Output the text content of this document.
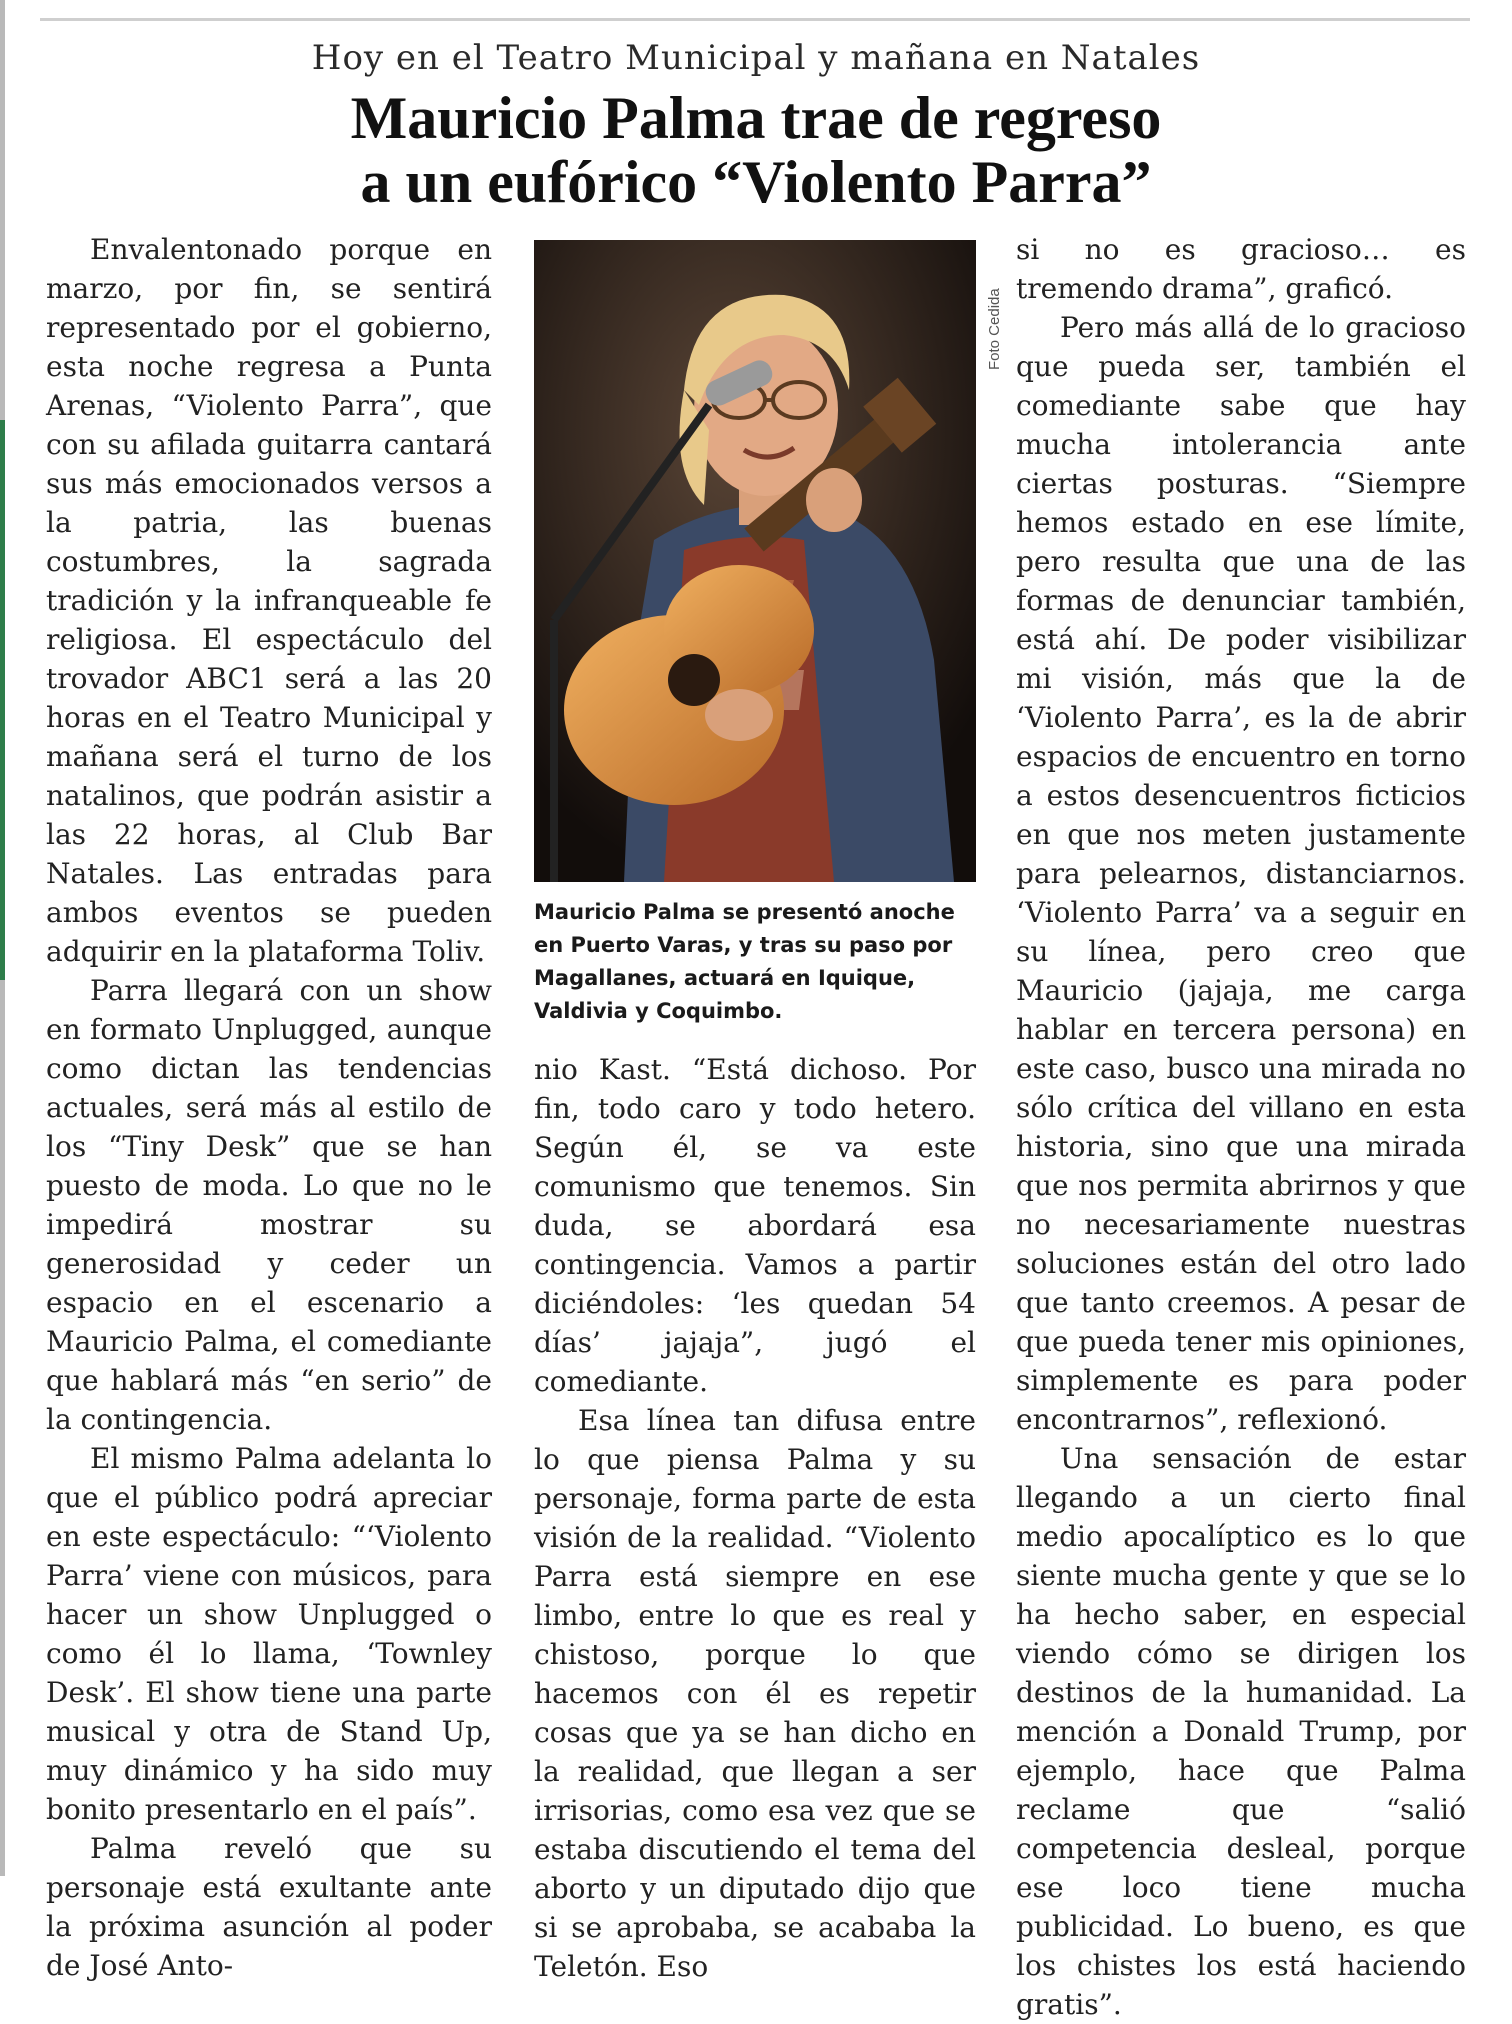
Hoy en el Teatro Municipal y mañana en Natales
Mauricio Palma trae de regreso
a un eufórico “Violento Parra”

Envalentonado porque en marzo, por fin, se sentirá representado por el gobierno, esta noche regresa a Punta Arenas, “Violento Parra”, que con su afilada guitarra cantará sus más emocionados versos a la patria, las buenas costumbres, la sagrada tradición y la infranqueable fe religiosa. El espectáculo del trovador ABC1 será a las 20 horas en el Teatro Municipal y mañana será el turno de los natalinos, que podrán asistir a las 22 horas, al Club Bar Natales. Las entradas para ambos eventos se pueden adquirir en la plataforma Toliv.

Parra llegará con un show en formato Unplugged, aunque como dictan las tendencias actuales, será más al estilo de los “Tiny Desk” que se han puesto de moda. Lo que no le impedirá mostrar su generosidad y ceder un espacio en el escenario a Mauricio Palma, el comediante que hablará más “en serio” de la contingencia.

El mismo Palma adelanta lo que el público podrá apreciar en este espectáculo: “‘Violento Parra’ viene con músicos, para hacer un show Unplugged o como él lo llama, ‘Townley Desk’. El show tiene una parte musical y otra de Stand Up, muy dinámico y ha sido muy bonito presentarlo en el país”.

Palma reveló que su personaje está exultante ante la próxima asunción al poder de José Anto-

Foto Cedida
Mauricio Palma se presentó anoche en Puerto Varas, y tras su paso por Magallanes, actuará en Iquique, Valdivia y Coquimbo.

nio Kast. “Está dichoso. Por fin, todo caro y todo hetero. Según él, se va este comunismo que tenemos. Sin duda, se abordará esa contingencia. Vamos a partir diciéndoles: ‘les quedan 54 días’ jajaja”, jugó el comediante.

Esa línea tan difusa entre lo que piensa Palma y su personaje, forma parte de esta visión de la realidad. “Violento Parra está siempre en ese limbo, entre lo que es real y chistoso, porque lo que hacemos con él es repetir cosas que ya se han dicho en la realidad, que llegan a ser irrisorias, como esa vez que se estaba discutiendo el tema del aborto y un diputado dijo que si se aprobaba, se acababa la Teletón. Eso

si no es gracioso… es tremendo drama”, graficó.

Pero más allá de lo gracioso que pueda ser, también el comediante sabe que hay mucha intolerancia ante ciertas posturas. “Siempre hemos estado en ese límite, pero resulta que una de las formas de denunciar también, está ahí. De poder visibilizar mi visión, más que la de ‘Violento Parra’, es la de abrir espacios de encuentro en torno a estos desencuentros ficticios en que nos meten justamente para pelearnos, distanciarnos. ‘Violento Parra’ va a seguir en su línea, pero creo que Mauricio (jajaja, me carga hablar en tercera persona) en este caso, busco una mirada no sólo crítica del villano en esta historia, sino que una mirada que nos permita abrirnos y que no necesariamente nuestras soluciones están del otro lado que tanto creemos. A pesar de que pueda tener mis opiniones, simplemente es para poder encontrarnos”, reflexionó.

Una sensación de estar llegando a un cierto final medio apocalíptico es lo que siente mucha gente y que se lo ha hecho saber, en especial viendo cómo se dirigen los destinos de la humanidad. La mención a Donald Trump, por ejemplo, hace que Palma reclame que “salió competencia desleal, porque ese loco tiene mucha publicidad. Lo bueno, es que los chistes los está haciendo gratis”.
